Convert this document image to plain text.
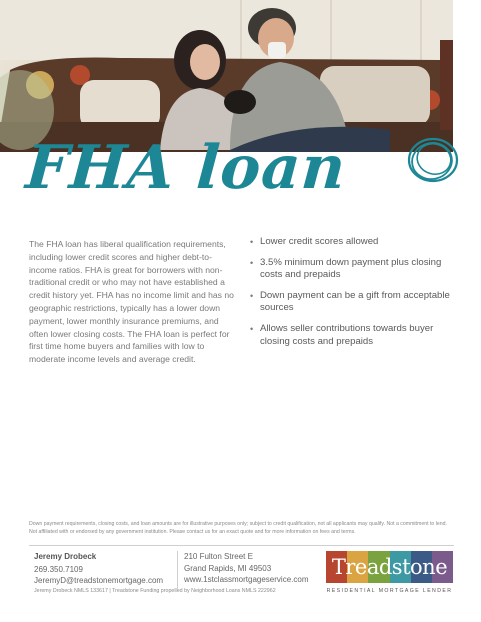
FHA loan

The FHA loan has liberal qualification requirements, including lower credit scores and higher debt-to-income ratios. FHA is great for borrowers with non-traditional credit or who may not have established a credit history yet. FHA has no income limit and has no geographic restrictions, typically has a lower down payment, lower monthly insurance premiums, and often lower closing costs. The FHA loan is perfect for first time home buyers and families with low to moderate income levels and average credit.

• Lower credit scores allowed
• 3.5% minimum down payment plus closing costs and prepaids
• Down payment can be a gift from acceptable sources
• Allows seller contributions towards buyer closing costs and prepaids

Down payment requirements, closing costs, and loan amounts are for illustrative purposes only; subject to credit qualification, not all applicants may qualify. Not a commitment to lend. Not affiliated with or endorsed by any government institution. Please contact us for an exact quote and for more information on fees and terms.

Jeremy Drobeck
269.350.7109
JeremyD@treadstonemortgage.com
210 Fulton Street E
Grand Rapids, MI 49503
www.1stclassmortgageservice.com
Jeremy Drobeck NMLS 133617 | Treadstone Funding propelled by Neighborhood Loans NMLS 222962
Treadstone
RESIDENTIAL MORTGAGE LENDER
